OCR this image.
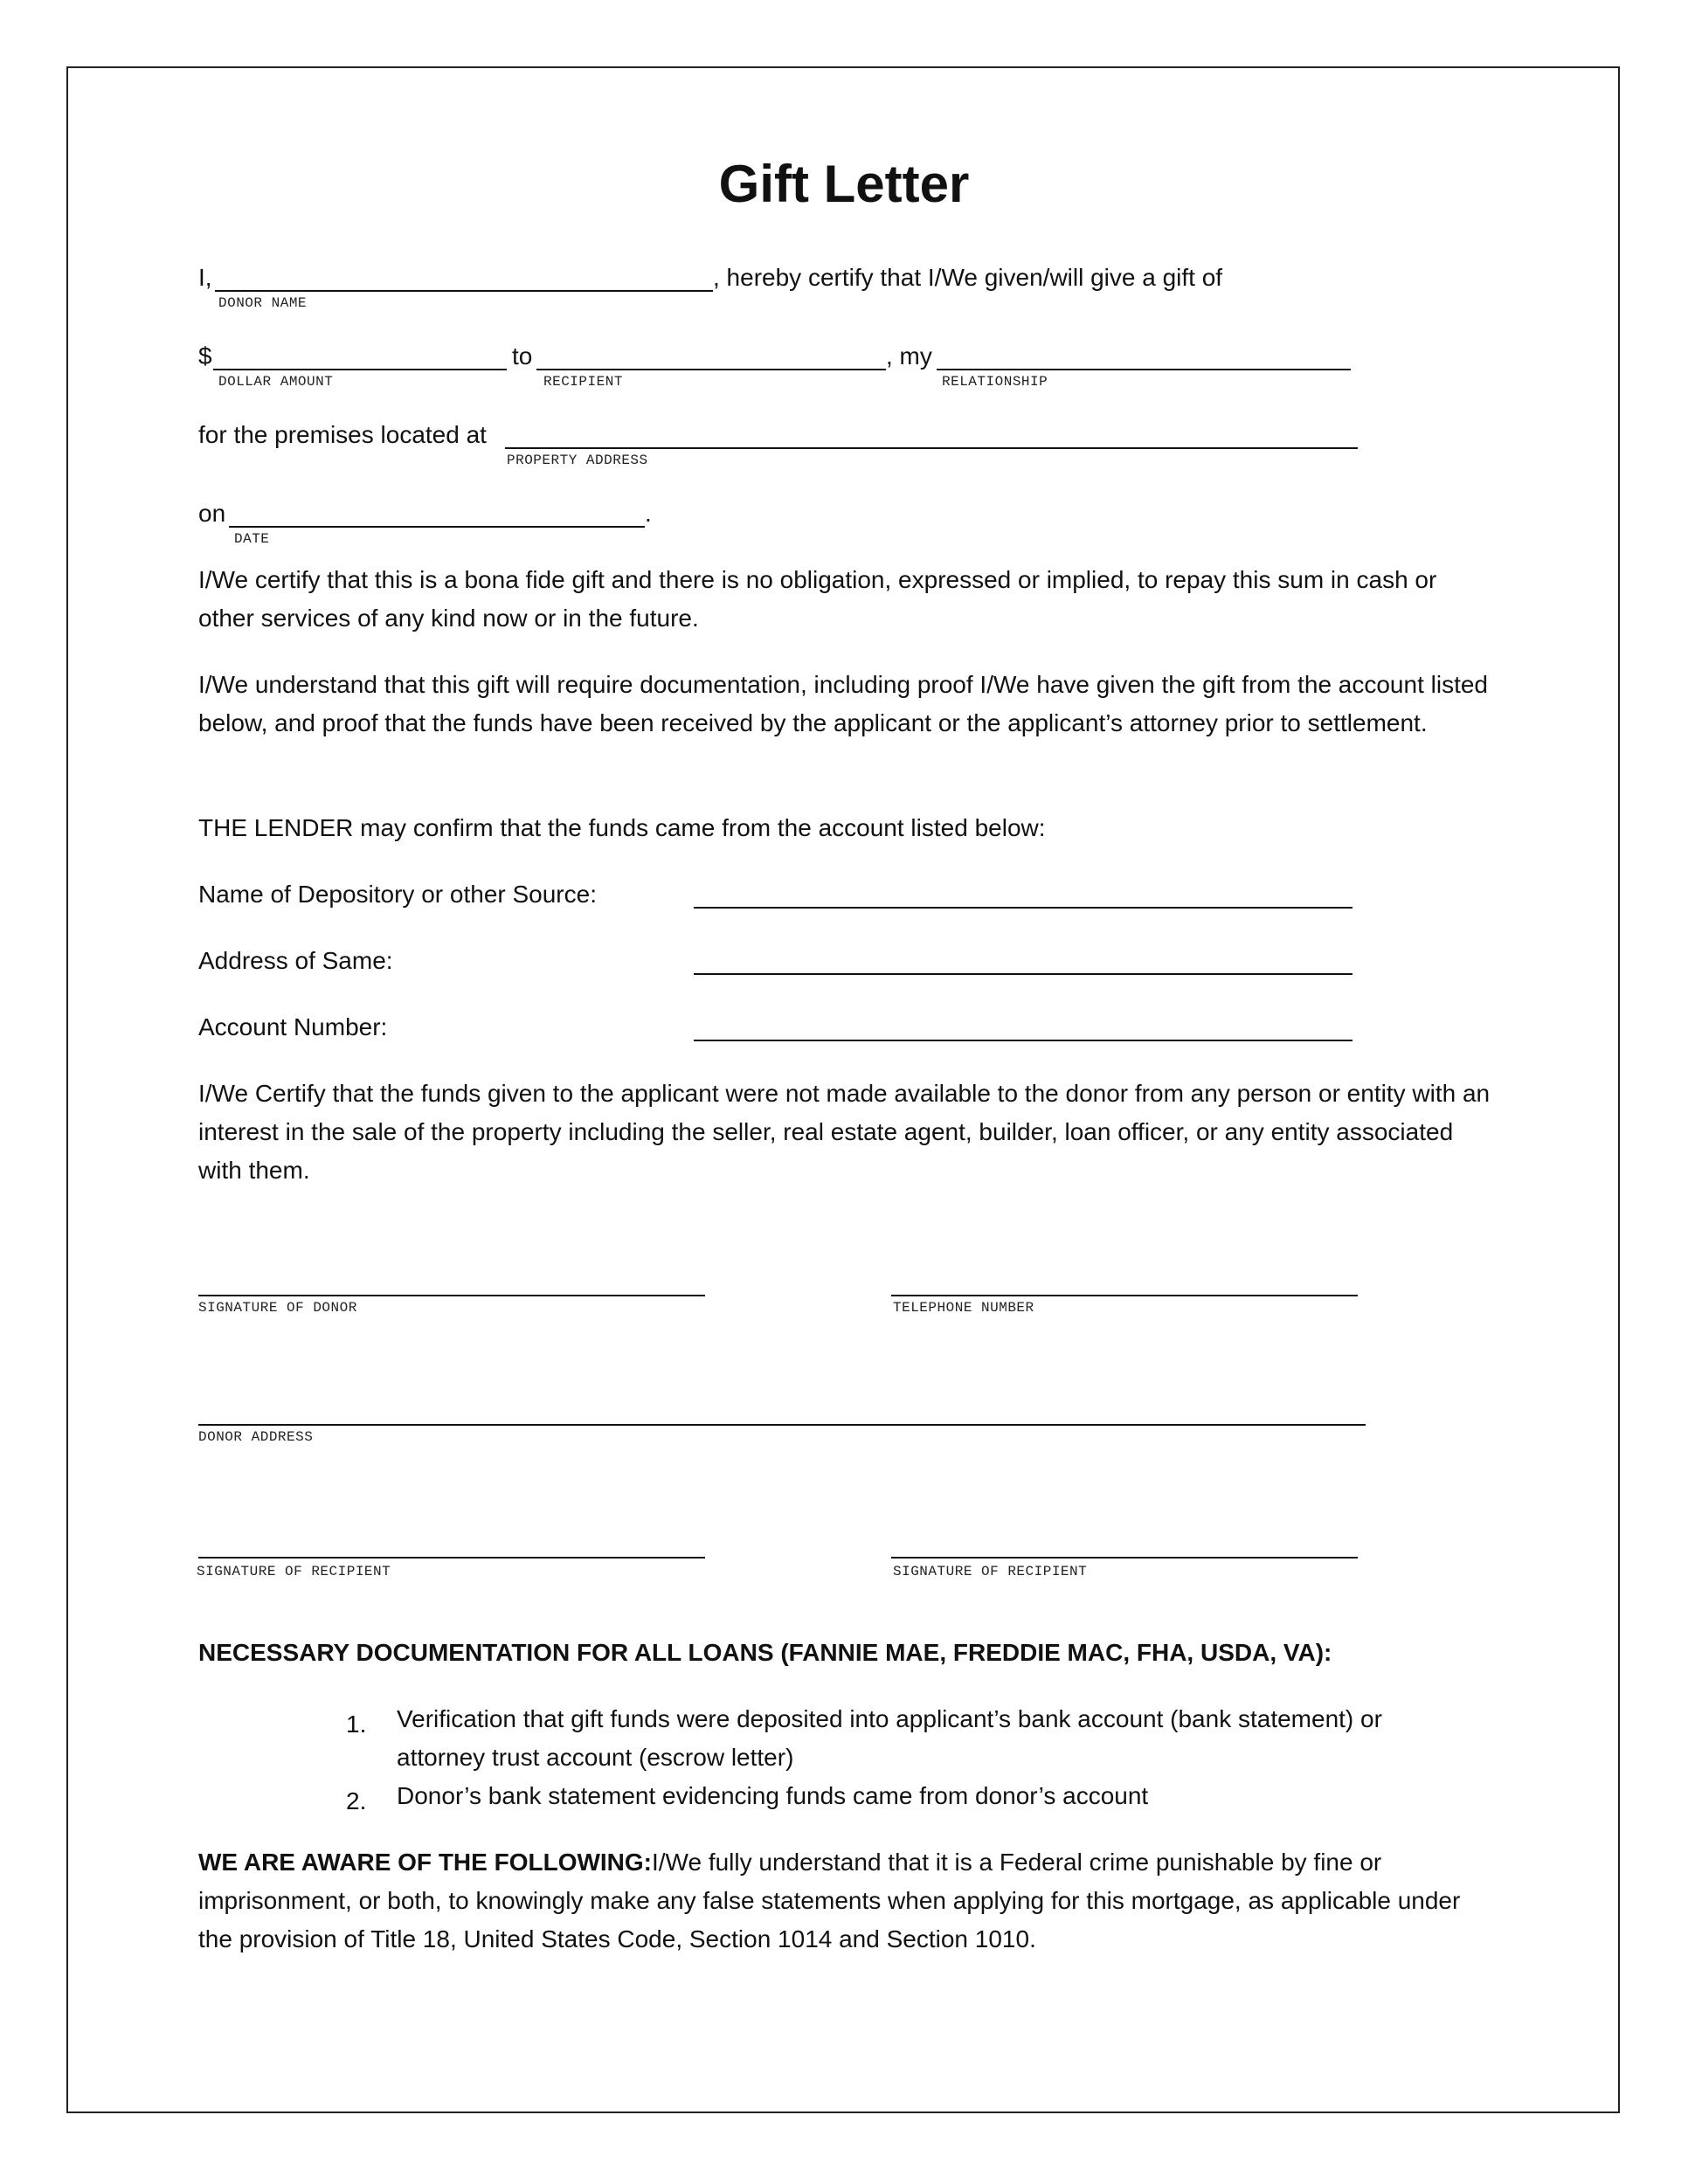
Gift Letter
I,	, hereby certify that I/We given/will give a gift of
DONOR NAME
$
DOLLAR AMOUNT
to
RECIPIENT
, my
RELATIONSHIP
for the premises located at
PROPERTY ADDRESS
on	.
DATE
I/We certify that this is a bona fide gift and there is no obligation, expressed or implied, to repay this sum in cash or other services of any kind now or in the future.
I/We understand that this gift will require documentation, including proof I/We have given the gift from the account listed below, and proof that the funds have been received by the applicant or the applicant’s attorney prior to settlement.
THE LENDER may confirm that the funds came from the account listed below:
Name of Depository or other Source:
Address of Same:
Account Number:
I/We Certify that the funds given to the applicant were not made available to the donor from any person or entity with an interest in the sale of the property including the seller, real estate agent, builder, loan officer, or any entity associated with them.
SIGNATURE OF DONOR	TELEPHONE NUMBER
DONOR ADDRESS
SIGNATURE OF RECIPIENT	SIGNATURE OF RECIPIENT
NECESSARY DOCUMENTATION FOR ALL LOANS (FANNIE MAE, FREDDIE MAC, FHA, USDA, VA):
1. Verification that gift funds were deposited into applicant’s bank account (bank statement) or attorney trust account (escrow letter)
2. Donor’s bank statement evidencing funds came from donor’s account
WE ARE AWARE OF THE FOLLOWING:I/We fully understand that it is a Federal crime punishable by fine or imprisonment, or both, to knowingly make any false statements when applying for this mortgage, as applicable under the provision of Title 18, United States Code, Section 1014 and Section 1010.
